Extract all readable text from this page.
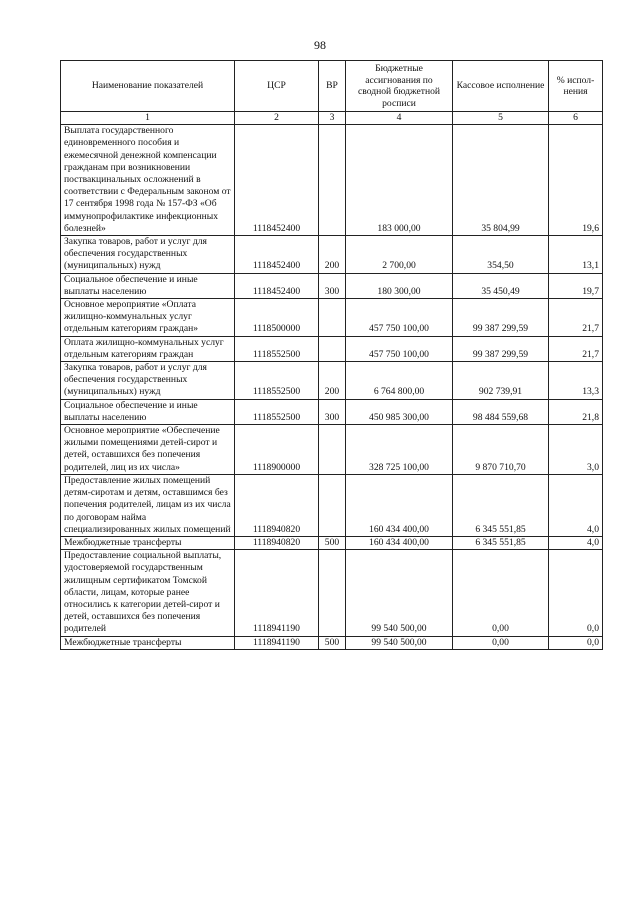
98
Наименование показателей	ЦСР	ВР	Бюджетные ассигнования по сводной бюджетной росписи	Кассовое исполнение	% испол-нения
1	2	3	4	5	6
Выплата государственного единовременного пособия и ежемесячной денежной компенсации гражданам при возникновении поствакцинальных осложнений в соответствии с Федеральным законом от 17 сентября 1998 года № 157-ФЗ «Об иммунопрофилактике инфекционных болезней»	1118452400		183 000,00	35 804,99	19,6
Закупка товаров, работ и услуг для обеспечения государственных (муниципальных) нужд	1118452400	200	2 700,00	354,50	13,1
Социальное обеспечение и иные выплаты населению	1118452400	300	180 300,00	35 450,49	19,7
Основное мероприятие «Оплата жилищно-коммунальных услуг отдельным категориям граждан»	1118500000		457 750 100,00	99 387 299,59	21,7
Оплата жилищно-коммунальных услуг отдельным категориям граждан	1118552500		457 750 100,00	99 387 299,59	21,7
Закупка товаров, работ и услуг для обеспечения государственных (муниципальных) нужд	1118552500	200	6 764 800,00	902 739,91	13,3
Социальное обеспечение и иные выплаты населению	1118552500	300	450 985 300,00	98 484 559,68	21,8
Основное мероприятие «Обеспечение жилыми помещениями детей-сирот и детей, оставшихся без попечения родителей, лиц из их числа»	1118900000		328 725 100,00	9 870 710,70	3,0
Предоставление жилых помещений детям-сиротам и детям, оставшимся без попечения родителей, лицам из их числа по договорам найма специализированных жилых помещений	1118940820		160 434 400,00	6 345 551,85	4,0
Межбюджетные трансферты	1118940820	500	160 434 400,00	6 345 551,85	4,0
Предоставление социальной выплаты, удостоверяемой государственным жилищным сертификатом Томской области, лицам, которые ранее относились к категории детей-сирот и детей, оставшихся без попечения родителей	1118941190		99 540 500,00	0,00	0,0
Межбюджетные трансферты	1118941190	500	99 540 500,00	0,00	0,0
